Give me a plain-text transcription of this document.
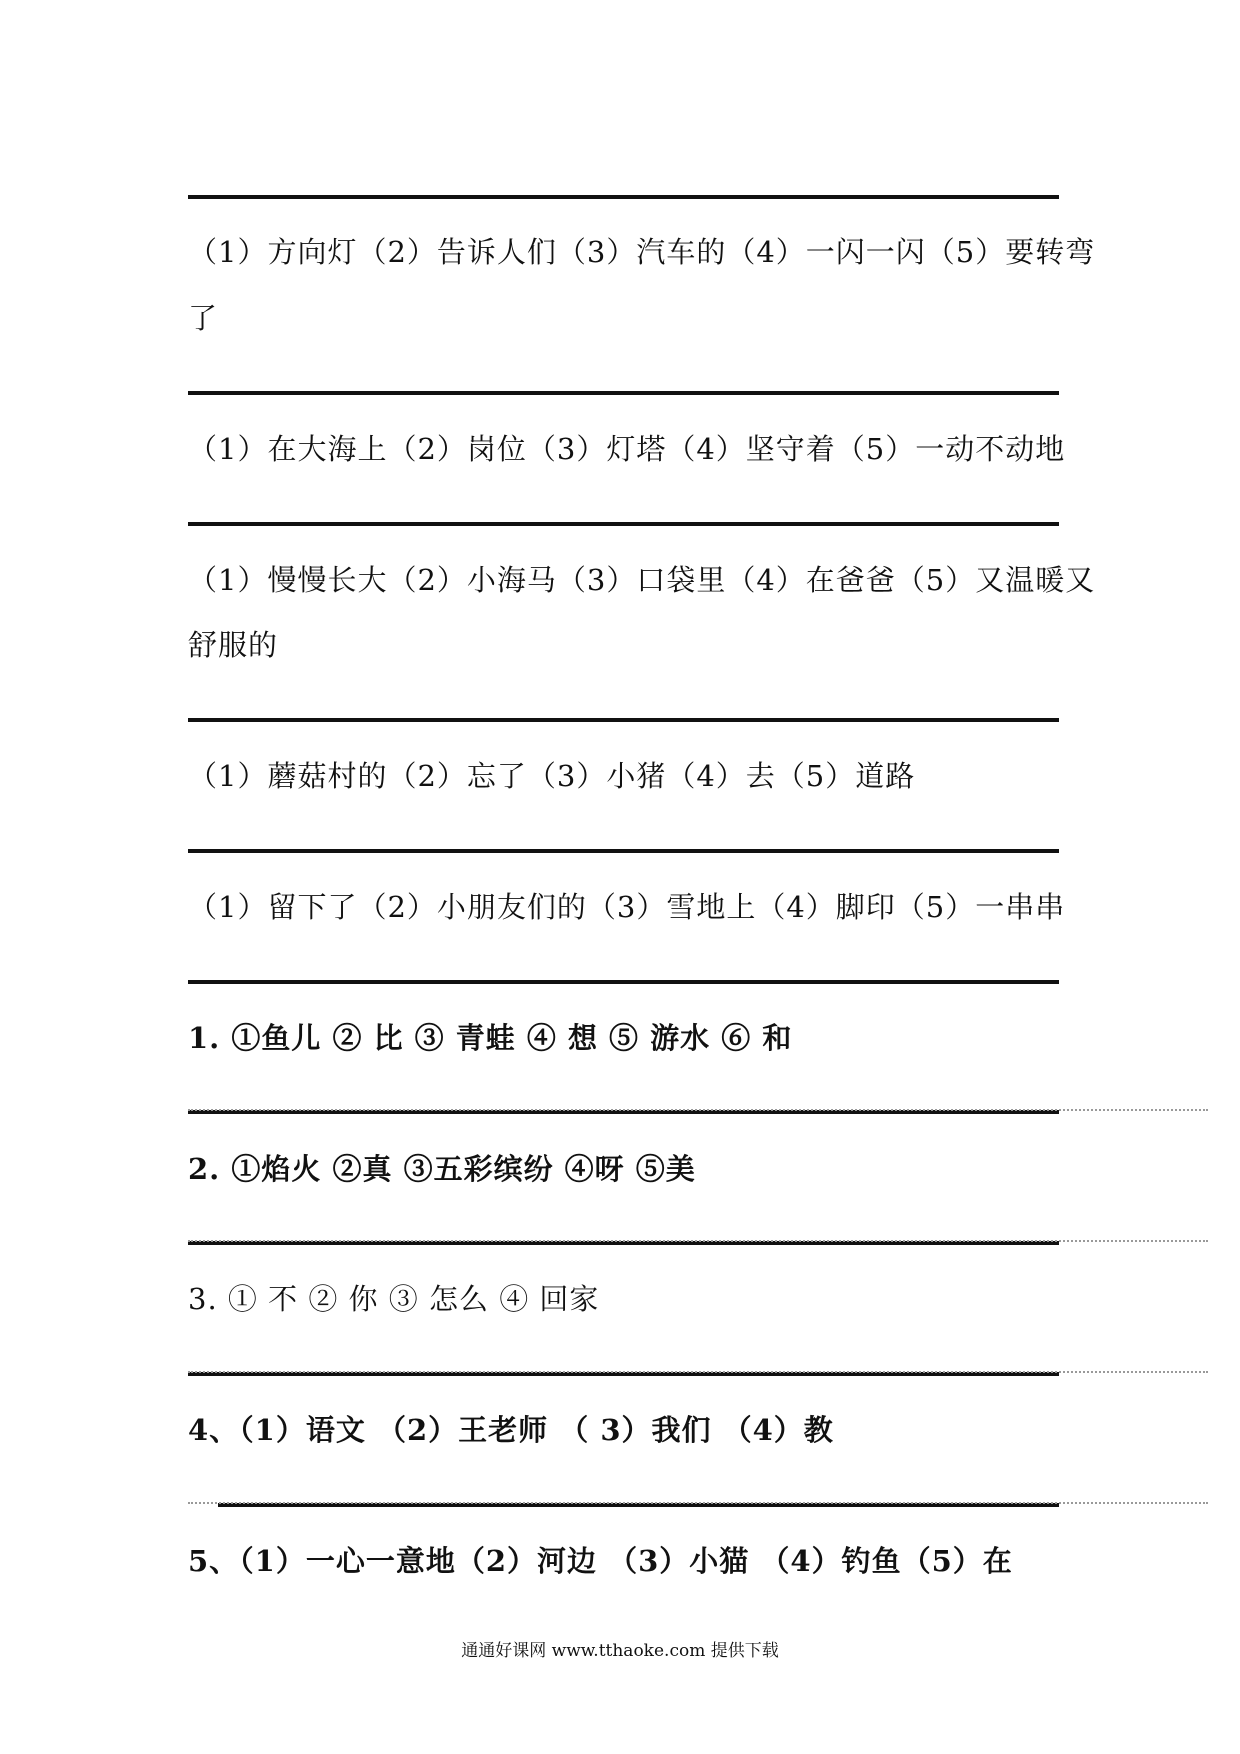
（1）方向灯（2）告诉人们（3）汽车的（4）一闪一闪（5）要转弯
了
（1）在大海上（2）岗位（3）灯塔（4）坚守着（5）一动不动地
（1）慢慢长大（2）小海马（3）口袋里（4）在爸爸（5）又温暖又
舒服的
（1）蘑菇村的（2）忘了（3）小猪（4）去（5）道路
（1）留下了（2）小朋友们的（3）雪地上（4）脚印（5）一串串
1. ①鱼儿 ② 比 ③ 青蛙 ④ 想 ⑤ 游水 ⑥ 和
2. ①焰火 ②真 ③五彩缤纷 ④呀 ⑤美
3. ① 不 ② 你 ③ 怎么 ④ 回家
4、（1）语文 （2）王老师 （ 3）我们 （4）教
5、（1）一心一意地（2）河边 （3）小猫 （4）钓鱼（5）在
通通好课网 www.tthaoke.com 提供下载
